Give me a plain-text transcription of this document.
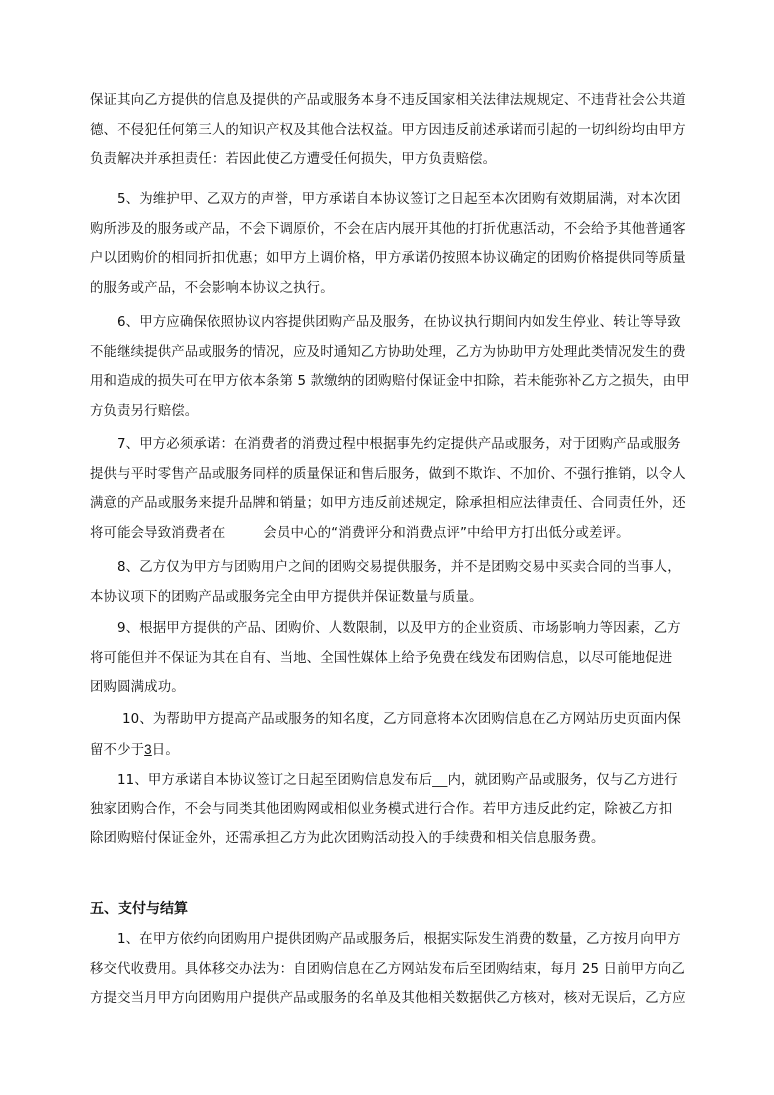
保证其向乙方提供的信息及提供的产品或服务本身不违反国家相关法律法规规定、不违背社会公共道
德、不侵犯任何第三人的知识产权及其他合法权益。甲方因违反前述承诺而引起的一切纠纷均由甲方
负责解决并承担责任：若因此使乙方遭受任何损失，甲方负责赔偿。
5、为维护甲、乙双方的声誉，甲方承诺自本协议签订之日起至本次团购有效期届满，对本次团
购所涉及的服务或产品，不会下调原价，不会在店内展开其他的打折优惠活动，不会给予其他普通客
户以团购价的相同折扣优惠；如甲方上调价格，甲方承诺仍按照本协议确定的团购价格提供同等质量
的服务或产品，不会影响本协议之执行。
6、甲方应确保依照协议内容提供团购产品及服务，在协议执行期间内如发生停业、转让等导致
不能继续提供产品或服务的情况，应及时通知乙方协助处理，乙方为协助甲方处理此类情况发生的费
用和造成的损失可在甲方依本条第 5 款缴纳的团购赔付保证金中扣除，若未能弥补乙方之损失，由甲
方负责另行赔偿。
7、甲方必须承诺：在消费者的消费过程中根据事先约定提供产品或服务，对于团购产品或服务
提供与平时零售产品或服务同样的质量保证和售后服务，做到不欺诈、不加价、不强行推销，以令人
满意的产品或服务来提升品牌和销量；如甲方违反前述规定，除承担相应法律责任、合同责任外，还
将可能会导致消费者在	会员中心的“消费评分和消费点评”中给甲方打出低分或差评。
8、乙方仅为甲方与团购用户之间的团购交易提供服务，并不是团购交易中买卖合同的当事人，
本协议项下的团购产品或服务完全由甲方提供并保证数量与质量。
9、根据甲方提供的产品、团购价、人数限制，以及甲方的企业资质、市场影响力等因素，乙方
将可能但并不保证为其在自有、当地、全国性媒体上给予免费在线发布团购信息，以尽可能地促进
团购圆满成功。
10、为帮助甲方提高产品或服务的知名度，乙方同意将本次团购信息在乙方网站历史页面内保
留不少于3日。
11、甲方承诺自本协议签订之日起至团购信息发布后__内，就团购产品或服务，仅与乙方进行
独家团购合作，不会与同类其他团购网或相似业务模式进行合作。若甲方违反此约定，除被乙方扣
除团购赔付保证金外，还需承担乙方为此次团购活动投入的手续费和相关信息服务费。
五、支付与结算
1、在甲方依约向团购用户提供团购产品或服务后，根据实际发生消费的数量，乙方按月向甲方
移交代收费用。具体移交办法为：自团购信息在乙方网站发布后至团购结束，每月 25 日前甲方向乙
方提交当月甲方向团购用户提供产品或服务的名单及其他相关数据供乙方核对，核对无误后，乙方应
